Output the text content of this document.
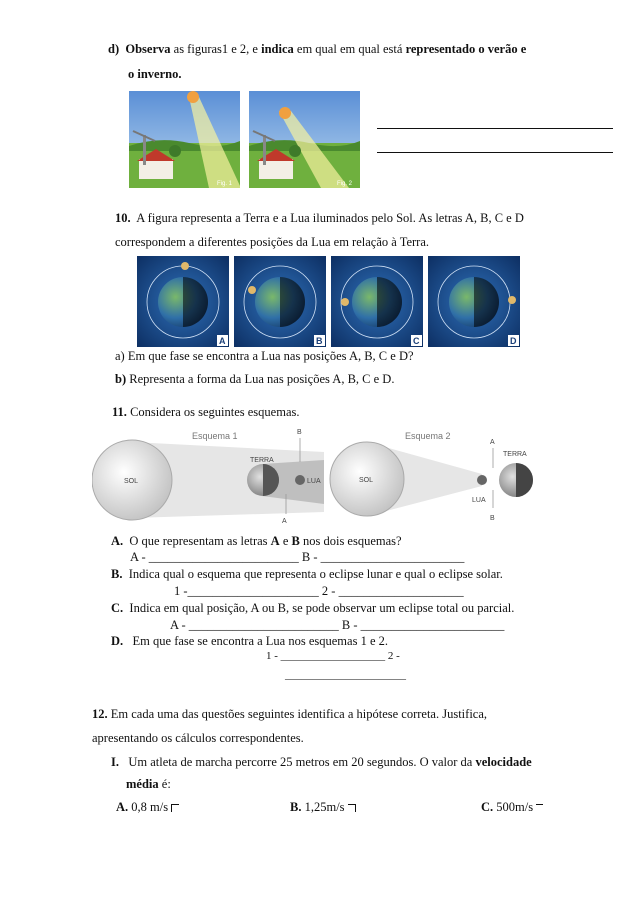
d) Observa as figuras1 e 2, e indica em qual em qual está representado o verão e
o inverno.
Fig. 1	Fig. 2
10. A figura representa a Terra e a Lua iluminados pelo Sol. As letras A, B, C e D
correspondem a diferentes posições da Lua em relação à Terra.
A	B	C	D
a) Em que fase se encontra a Lua nas posições A, B, C e D?
b) Representa a forma da Lua nas posições A, B, C e D.
11. Considera os seguintes esquemas.
Esquema 1
SOL
TERRA
LUA
B
A
Esquema 2
SOL
LUA
TERRA
A
B
A. O que representam as letras A e B nos dois esquemas?
A - ________________________ B - _______________________
B. Indica qual o esquema que representa o eclipse lunar e qual o eclipse solar.
1 -_____________________ 2 - ____________________
C. Indica em qual posição, A ou B, se pode observar um eclipse total ou parcial.
A - ________________________ B - _______________________
D. Em que fase se encontra a Lua nos esquemas 1 e 2.
1 - ___________________ 2 -
______________________
12. Em cada uma das questões seguintes identifica a hipótese correta. Justifica,
apresentando os cálculos correspondentes.
I. Um atleta de marcha percorre 25 metros em 20 segundos. O valor da velocidade
média é:
A. 0,8 m/s	B. 1,25m/s	C. 500m/s
